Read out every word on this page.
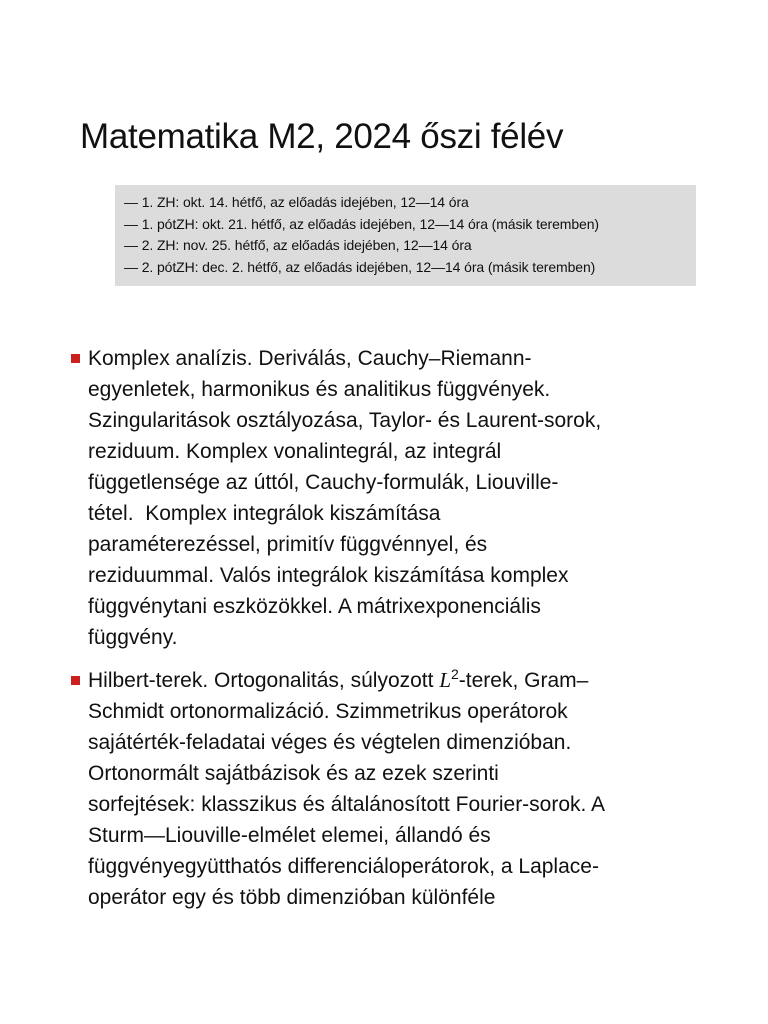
Matematika M2, 2024 őszi félév
— 1. ZH: okt. 14. hétfő, az előadás idejében, 12—14 óra
— 1. pótZH: okt. 21. hétfő, az előadás idejében, 12—14 óra (másik teremben)
— 2. ZH: nov. 25. hétfő, az előadás idejében, 12—14 óra
— 2. pótZH: dec. 2. hétfő, az előadás idejében, 12—14 óra (másik teremben)
Komplex analízis. Deriválás, Cauchy–Riemann-
egyenletek, harmonikus és analitikus függvények.
Szingularitások osztályozása, Taylor- és Laurent-sorok,
reziduum. Komplex vonalintegrál, az integrál
függetlensége az úttól, Cauchy-formulák, Liouville-
tétel.  Komplex integrálok kiszámítása
paraméterezéssel, primitív függvénnyel, és
reziduummal. Valós integrálok kiszámítása komplex
függvénytani eszközökkel. A mátrixexponenciális
függvény.
Hilbert-terek. Ortogonalitás, súlyozott $L^2$-terek, Gram–
Schmidt ortonormalizáció. Szimmetrikus operátorok
sajátérték-feladatai véges és végtelen dimenzióban.
Ortonormált sajátbázisok és az ezek szerinti
sorfejtések: klasszikus és általánosított Fourier-sorok. A
Sturm—Liouville-elmélet elemei, állandó és
függvényegyütthatós differenciáloperátorok, a Laplace-
operátor egy és több dimenzióban különféle
